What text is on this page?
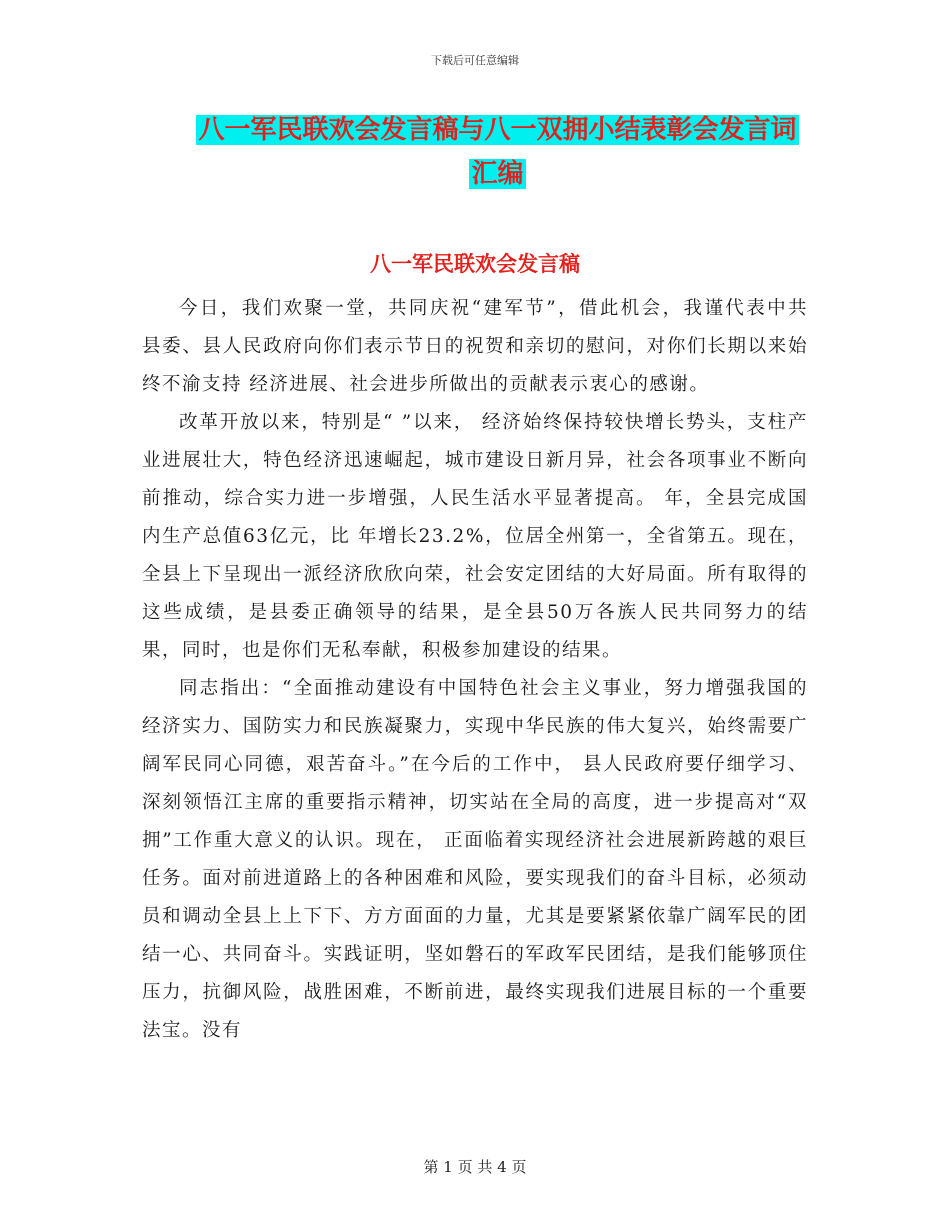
下载后可任意编辑
八一军民联欢会发言稿与八一双拥小结表彰会发言词
汇编
八一军民联欢会发言稿

今日，我们欢聚一堂，共同庆祝“建军节”，借此机会，我谨代表中共 县委、县人民政府向你们表示节日的祝贺和亲切的慰问，对你们长期以来始终不渝支持 经济进展、社会进步所做出的贡献表示衷心的感谢。

改革开放以来，特别是“ ”以来， 经济始终保持较快增长势头，支柱产业进展壮大，特色经济迅速崛起，城市建设日新月异，社会各项事业不断向前推动，综合实力进一步增强，人民生活水平显著提高。 年，全县完成国内生产总值63亿元，比 年增长23.2%，位居全州第一，全省第五。现在，全县上下呈现出一派经济欣欣向荣，社会安定团结的大好局面。所有取得的这些成绩，是县委正确领导的结果，是全县50万各族人民共同努力的结果，同时，也是你们无私奉献，积极参加建设的结果。

同志指出：“全面推动建设有中国特色社会主义事业，努力增强我国的经济实力、国防实力和民族凝聚力，实现中华民族的伟大复兴，始终需要广阔军民同心同德，艰苦奋斗。”在今后的工作中， 县人民政府要仔细学习、深刻领悟江主席的重要指示精神，切实站在全局的高度，进一步提高对“双拥”工作重大意义的认识。现在， 正面临着实现经济社会进展新跨越的艰巨任务。面对前进道路上的各种困难和风险，要实现我们的奋斗目标，必须动员和调动全县上上下下、方方面面的力量，尤其是要紧紧依靠广阔军民的团结一心、共同奋斗。实践证明，坚如磐石的军政军民团结，是我们能够顶住压力，抗御风险，战胜困难，不断前进，最终实现我们进展目标的一个重要法宝。没有

第 1 页 共 4 页
